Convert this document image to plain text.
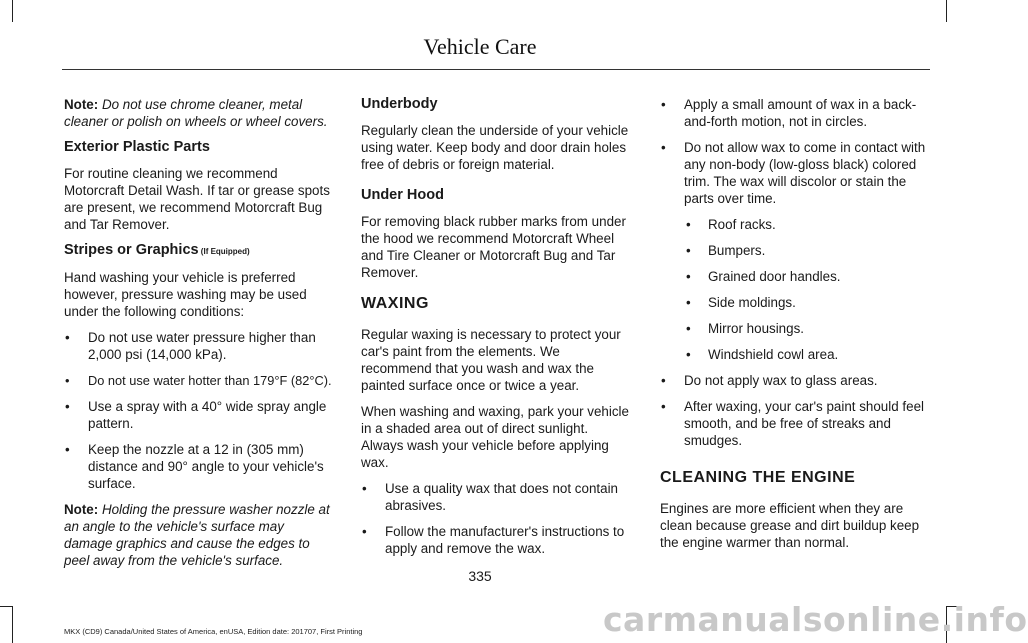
Vehicle Care

Note: Do not use chrome cleaner, metal cleaner or polish on wheels or wheel covers.

Exterior Plastic Parts

For routine cleaning we recommend Motorcraft Detail Wash. If tar or grease spots are present, we recommend Motorcraft Bug and Tar Remover.

Stripes or Graphics (If Equipped)

Hand washing your vehicle is preferred however, pressure washing may be used under the following conditions:

• Do not use water pressure higher than 2,000 psi (14,000 kPa).
• Do not use water hotter than 179°F (82°C).
• Use a spray with a 40° wide spray angle pattern.
• Keep the nozzle at a 12 in (305 mm) distance and 90° angle to your vehicle's surface.

Note: Holding the pressure washer nozzle at an angle to the vehicle's surface may damage graphics and cause the edges to peel away from the vehicle's surface.

Underbody

Regularly clean the underside of your vehicle using water. Keep body and door drain holes free of debris or foreign material.

Under Hood

For removing black rubber marks from under the hood we recommend Motorcraft Wheel and Tire Cleaner or Motorcraft Bug and Tar Remover.

WAXING

Regular waxing is necessary to protect your car's paint from the elements. We recommend that you wash and wax the painted surface once or twice a year.

When washing and waxing, park your vehicle in a shaded area out of direct sunlight. Always wash your vehicle before applying wax.

• Use a quality wax that does not contain abrasives.
• Follow the manufacturer's instructions to apply and remove the wax.
• Apply a small amount of wax in a back-and-forth motion, not in circles.
• Do not allow wax to come in contact with any non-body (low-gloss black) colored trim. The wax will discolor or stain the parts over time.
• Roof racks.
• Bumpers.
• Grained door handles.
• Side moldings.
• Mirror housings.
• Windshield cowl area.
• Do not apply wax to glass areas.
• After waxing, your car's paint should feel smooth, and be free of streaks and smudges.
CLEANING THE ENGINE

Engines are more efficient when they are clean because grease and dirt buildup keep the engine warmer than normal.

335
MKX (CD9) Canada/United States of America, enUSA, Edition date: 201707, First Printing	carmanualsonline.info
